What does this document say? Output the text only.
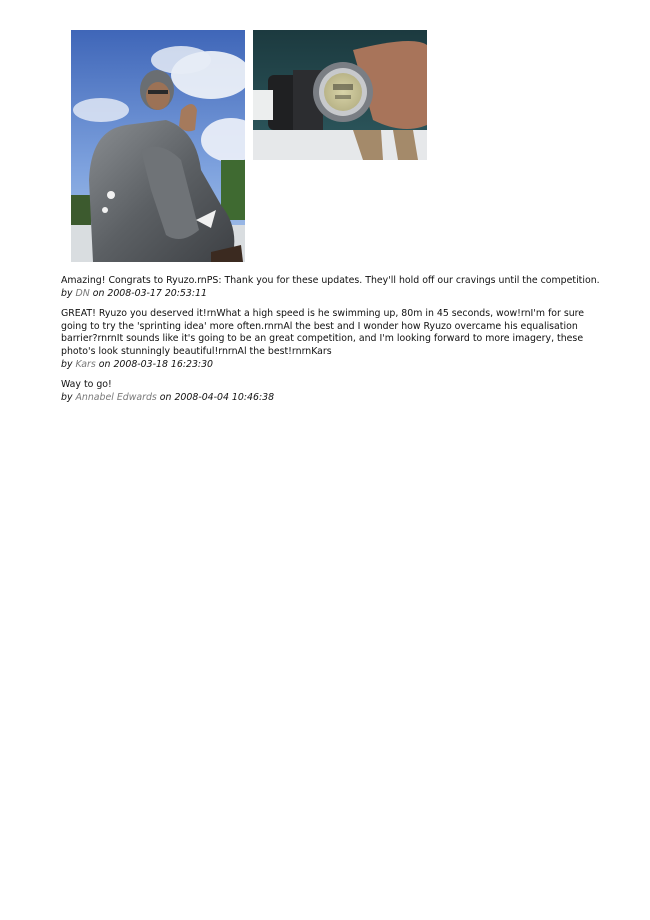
Amazing! Congrats to Ryuzo.rnPS: Thank you for these updates. They'll hold off our cravings until the competition.

by DN on 2008-03-17 20:53:11

GREAT! Ryuzo you deserved it!rnWhat a high speed is he swimming up, 80m in 45 seconds, wow!rnI'm for sure going to try the 'sprinting idea' more often.rnrnAl the best and I wonder how Ryuzo overcame his equalisation barrier?rnrnIt sounds like it's going to be an great competition, and I'm looking forward to more imagery, these photo's look stunningly beautiful!rnrnAl the best!rnrnKars

by Kars on 2008-03-18 16:23:30

Way to go!

by Annabel Edwards on 2008-04-04 10:46:38
